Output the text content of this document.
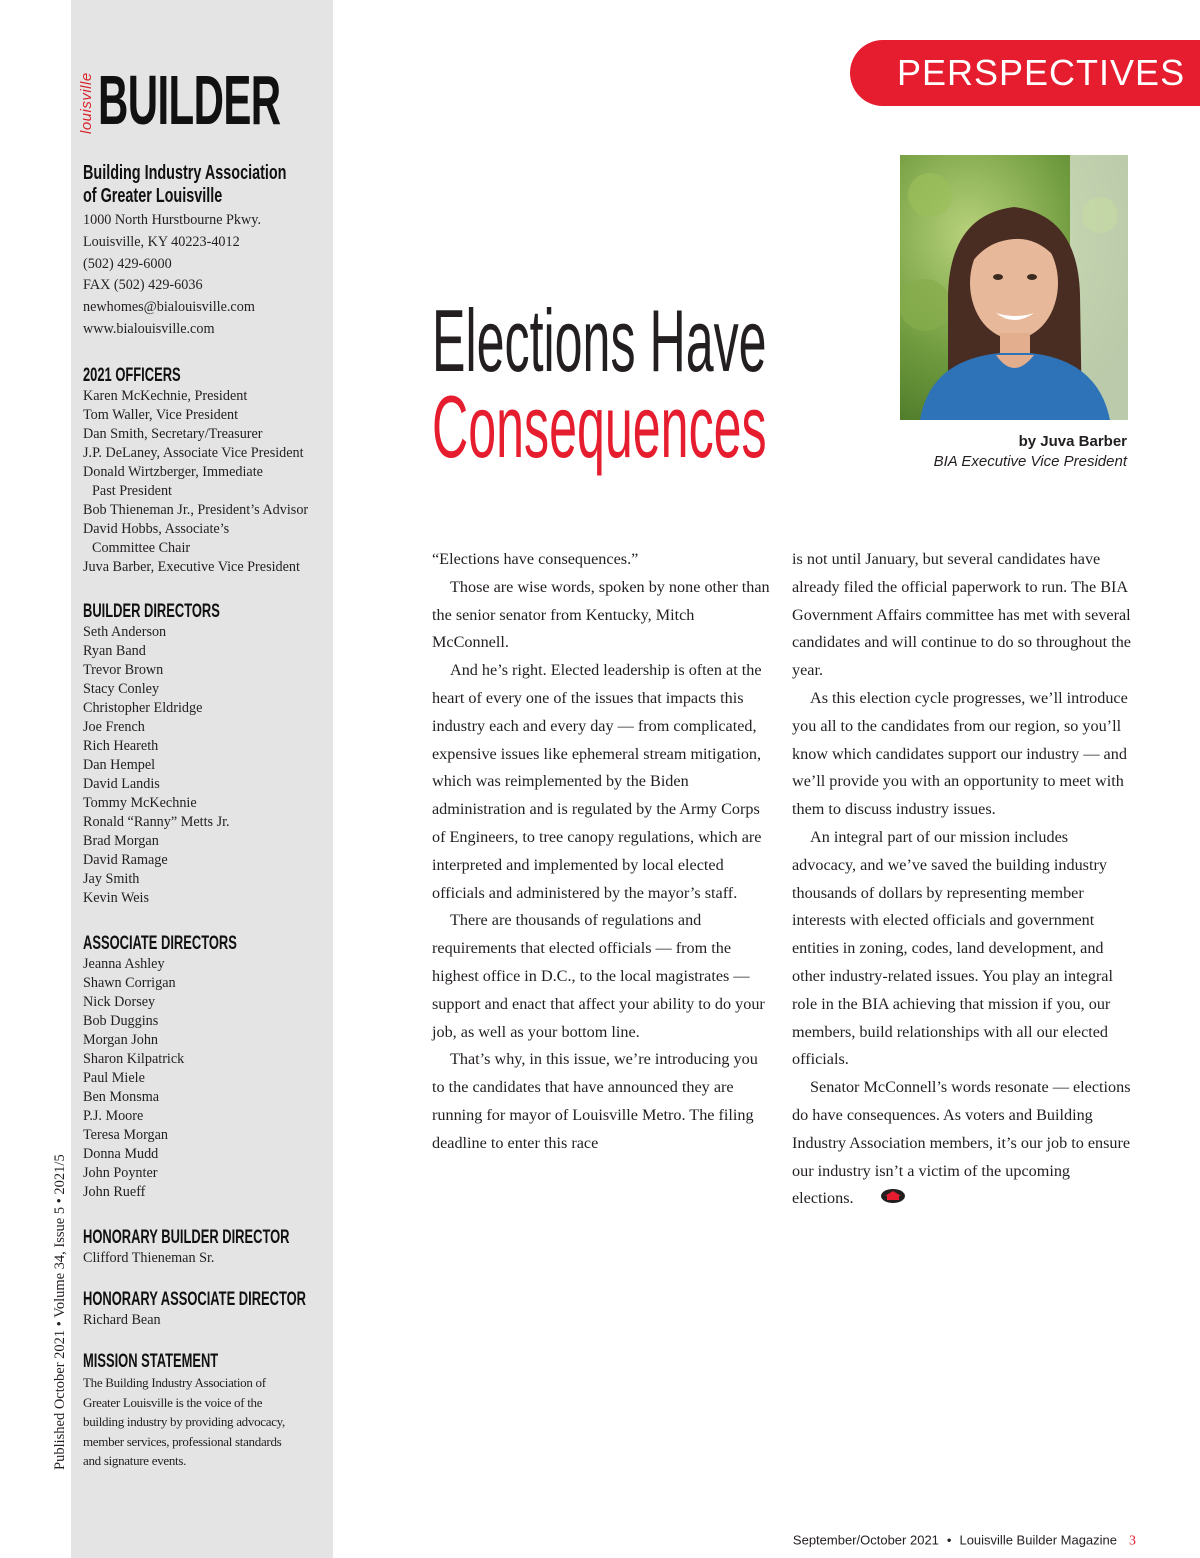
louisville BUILDER
Building Industry Association
of Greater Louisville
1000 North Hurstbourne Pkwy.
Louisville, KY 40223-4012
(502) 429-6000
FAX (502) 429-6036
newhomes@bialouisville.com
www.bialouisville.com
2021 OFFICERS
Karen McKechnie, President
Tom Waller, Vice President
Dan Smith, Secretary/Treasurer
J.P. DeLaney, Associate Vice President
Donald Wirtzberger, Immediate
Past President
Bob Thieneman Jr., President’s Advisor
David Hobbs, Associate’s
Committee Chair
Juva Barber, Executive Vice President
BUILDER DIRECTORS
Seth Anderson
Ryan Band
Trevor Brown
Stacy Conley
Christopher Eldridge
Joe French
Rich Heareth
Dan Hempel
David Landis
Tommy McKechnie
Ronald “Ranny” Metts Jr.
Brad Morgan
David Ramage
Jay Smith
Kevin Weis
ASSOCIATE DIRECTORS
Jeanna Ashley
Shawn Corrigan
Nick Dorsey
Bob Duggins
Morgan John
Sharon Kilpatrick
Paul Miele
Ben Monsma
P.J. Moore
Teresa Morgan
Donna Mudd
John Poynter
John Rueff
HONORARY BUILDER DIRECTOR
Clifford Thieneman Sr.
HONORARY ASSOCIATE DIRECTOR
Richard Bean
MISSION STATEMENT
The Building Industry Association of
Greater Louisville is the voice of the
building industry by providing advocacy,
member services, professional standards
and signature events.
Published October 2021 • Volume 34, Issue 5 • 2021/5
PERSPECTIVES
Elections Have
Consequences	by Juva Barber
BIA Executive Vice President

“Elections have consequences.”

Those are wise words, spoken by none other than the senior senator from Kentucky, Mitch McConnell.

And he’s right. Elected leadership is often at the heart of every one of the issues that impacts this industry each and every day — from complicated, expensive issues like ephemeral stream mitigation, which was reimplemented by the Biden administration and is regulated by the Army Corps of Engineers, to tree canopy regulations, which are interpreted and implemented by local elected officials and administered by the mayor’s staff.

There are thousands of regulations and requirements that elected officials — from the highest office in D.C., to the local magistrates — support and enact that affect your ability to do your job, as well as your bottom line.

That’s why, in this issue, we’re introducing you to the candidates that have announced they are running for mayor of Louisville Metro. The filing deadline to enter this race

is not until January, but several candidates have already filed the official paperwork to run. The BIA Government Affairs committee has met with several candidates and will continue to do so throughout the year.

As this election cycle progresses, we’ll introduce you all to the candidates from our region, so you’ll know which candidates support our industry — and we’ll provide you with an opportunity to meet with them to discuss industry issues.

An integral part of our mission includes advocacy, and we’ve saved the building industry thousands of dollars by representing member interests with elected officials and government entities in zoning, codes, land development, and other industry-related issues. You play an integral role in the BIA achieving that mission if you, our members, build relationships with all our elected officials.

Senator McConnell’s words resonate — elections do have consequences. As voters and Building Industry Association members, it’s our job to ensure our industry isn’t a victim of the upcoming elections.

September/October 2021 • Louisville Builder Magazine 3
